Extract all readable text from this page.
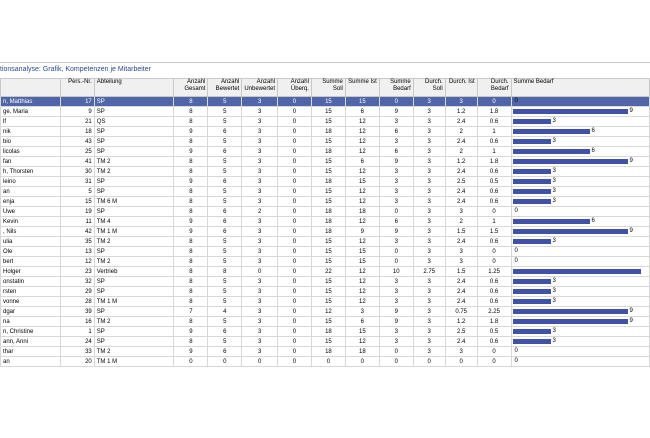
tionsanalyse: Grafik, Kompetenzen je Mitarbeiter
	Pers.-Nr.	Abteilung	Anzahl Gesamt	Anzahl Bewertet	Anzahl Unbewertet	Anzahl Überq.	Summe Soll	Summe Ist	Summe Bedarf	Durch. Soll	Durch. Ist	Durch. Bedarf	Summe Bedarf
n, Matthias	17	SP	8	5	3	0	15	15	0	3	3	0	0

ge, Maria	9	SP	8	5	3	0	15	6	9	3	1.2	1.8	9

lf	21	QS	8	5	3	0	15	12	3	3	2.4	0.6	3

nik	18	SP	9	6	3	0	18	12	6	3	2	1	6

bio	43	SP	8	5	3	0	15	12	3	3	2.4	0.6	3

licolas	25	SP	9	6	3	0	18	12	6	3	2	1	6

fan	41	TM 2	8	5	3	0	15	6	9	3	1.2	1.8	9

h, Thorsten	30	TM 2	8	5	3	0	15	12	3	3	2.4	0.6	3

leino	31	SP	9	6	3	0	18	15	3	3	2.5	0.5	3

an	5	SP	8	5	3	0	15	12	3	3	2.4	0.6	3

enja	15	TM 6 M	8	5	3	0	15	12	3	3	2.4	0.6	3

Uwe	19	SP	8	6	2	0	18	18	0	3	3	0	0

Kevin	11	TM 4	9	6	3	0	18	12	6	3	2	1	6

, Nils	42	TM 1 M	9	6	3	0	18	9	9	3	1.5	1.5	9

ulia	35	TM 2	8	5	3	0	15	12	3	3	2.4	0.6	3

Ole	13	SP	8	5	3	0	15	15	0	3	3	0	0

bert	12	TM 2	8	5	3	0	15	15	0	3	3	0	0

Holger	23	Vertrieb	8	8	0	0	22	12	10	2.75	1.5	1.25	

onstatin	32	SP	8	5	3	0	15	12	3	3	2.4	0.6	3

rsten	29	SP	8	5	3	0	15	12	3	3	2.4	0.6	3

vonne	28	TM 1 M	8	5	3	0	15	12	3	3	2.4	0.6	3

dgar	39	SP	7	4	3	0	12	3	9	3	0.75	2.25	9

na	16	TM 2	8	5	3	0	15	6	9	3	1.2	1.8	9

n, Christine	1	SP	9	6	3	0	18	15	3	3	2.5	0.5	3

ann, Anni	24	SP	8	5	3	0	15	12	3	3	2.4	0.6	3

thar	33	TM 2	9	6	3	0	18	18	0	3	3	0	0

an	20	TM 1 M	0	0	0	0	0	0	0	0	0	0	0
